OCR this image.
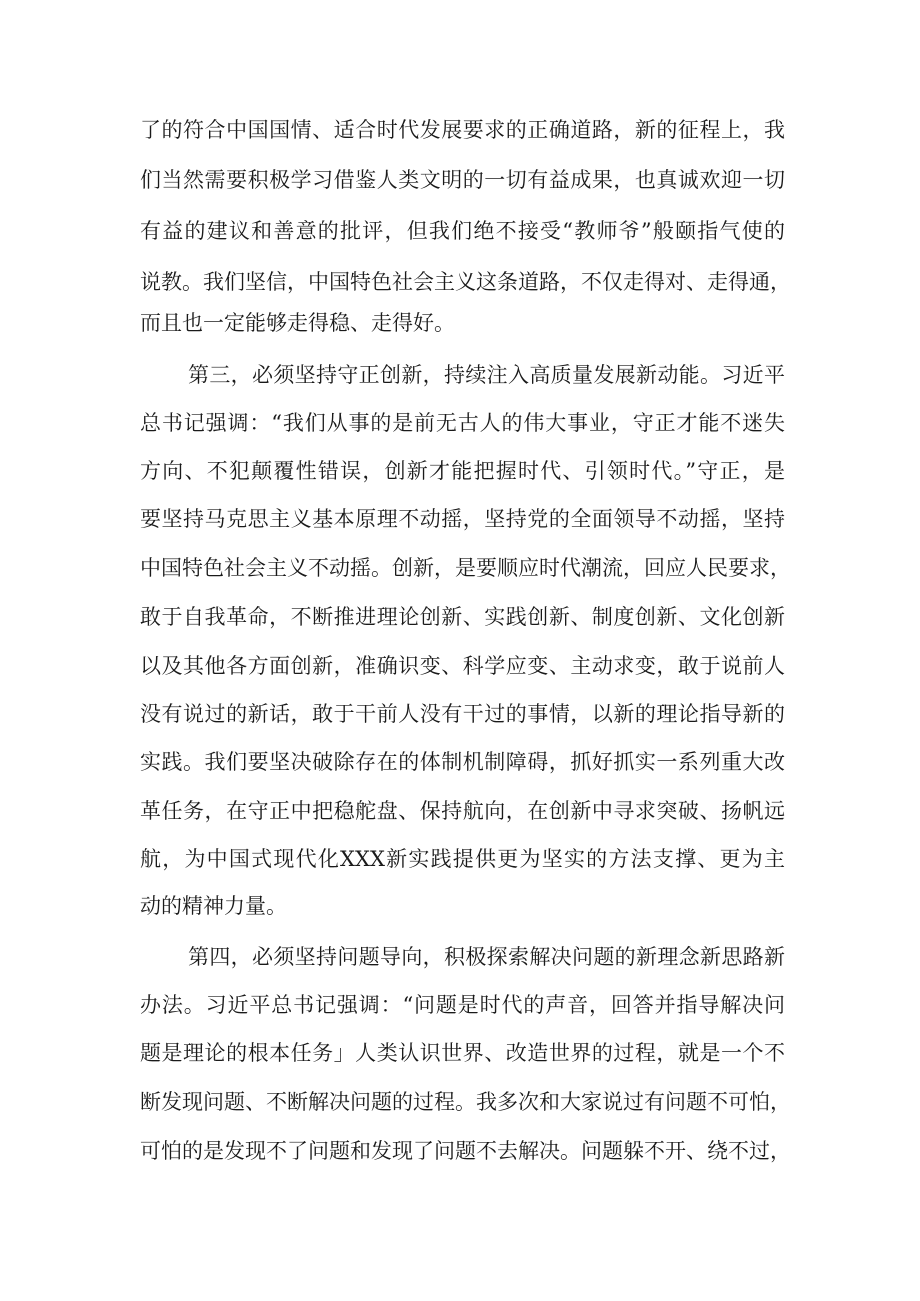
了的符合中国国情、适合时代发展要求的正确道路，新的征程上，我
们当然需要积极学习借鉴人类文明的一切有益成果，也真诚欢迎一切
有益的建议和善意的批评，但我们绝不接受“教师爷”般颐指气使的
说教。我们坚信，中国特色社会主义这条道路，不仅走得对、走得通，
而且也一定能够走得稳、走得好。
第三，必须坚持守正创新，持续注入高质量发展新动能。习近平
总书记强调：“我们从事的是前无古人的伟大事业，守正才能不迷失
方向、不犯颠覆性错误，创新才能把握时代、引领时代。”守正，是
要坚持马克思主义基本原理不动摇，坚持党的全面领导不动摇，坚持
中国特色社会主义不动摇。创新，是要顺应时代潮流，回应人民要求，
敢于自我革命，不断推进理论创新、实践创新、制度创新、文化创新
以及其他各方面创新，准确识变、科学应变、主动求变，敢于说前人
没有说过的新话，敢于干前人没有干过的事情，以新的理论指导新的
实践。我们要坚决破除存在的体制机制障碍，抓好抓实一系列重大改
革任务，在守正中把稳舵盘、保持航向，在创新中寻求突破、扬帆远
航，为中国式现代化XXX新实践提供更为坚实的方法支撑、更为主
动的精神力量。
第四，必须坚持问题导向，积极探索解决问题的新理念新思路新
办法。习近平总书记强调：“问题是时代的声音，回答并指导解决问
题是理论的根本任务」人类认识世界、改造世界的过程，就是一个不
断发现问题、不断解决问题的过程。我多次和大家说过有问题不可怕，
可怕的是发现不了问题和发现了问题不去解决。问题躲不开、绕不过，
